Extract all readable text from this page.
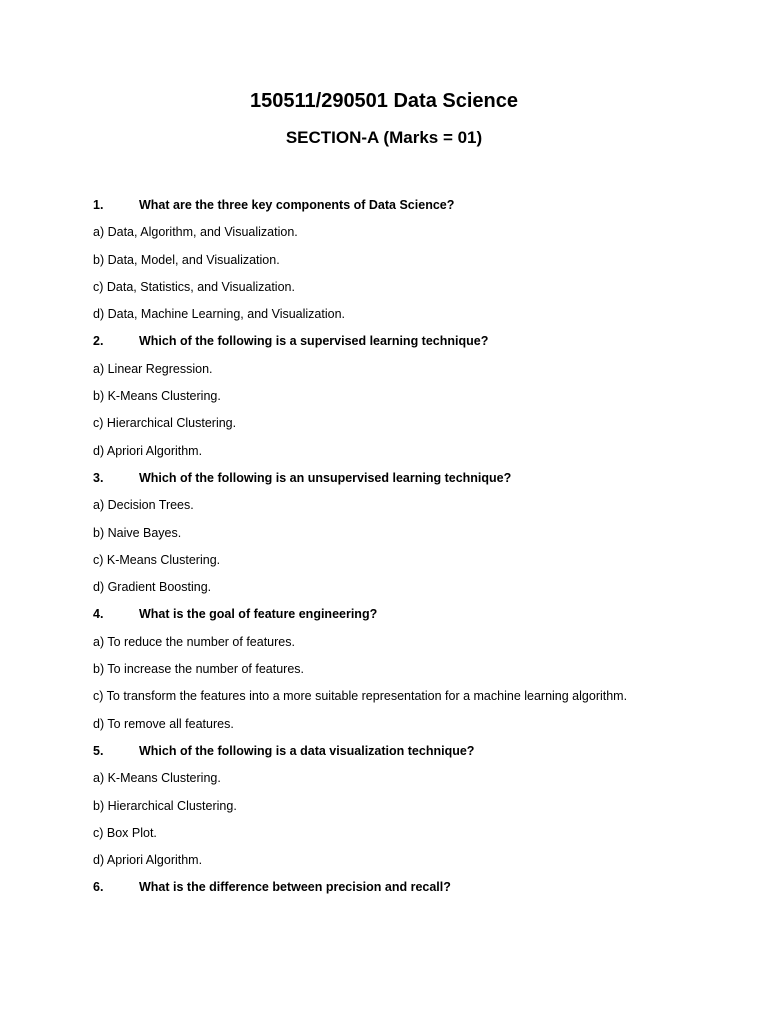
150511/290501 Data Science
SECTION-A (Marks = 01)
1.	What are the three key components of Data Science?
a) Data, Algorithm, and Visualization.
b) Data, Model, and Visualization.
c) Data, Statistics, and Visualization.
d) Data, Machine Learning, and Visualization.
2.	Which of the following is a supervised learning technique?
a) Linear Regression.
b) K-Means Clustering.
c) Hierarchical Clustering.
d) Apriori Algorithm.
3.	Which of the following is an unsupervised learning technique?
a) Decision Trees.
b) Naive Bayes.
c) K-Means Clustering.
d) Gradient Boosting.
4.	What is the goal of feature engineering?
a) To reduce the number of features.
b) To increase the number of features.
c) To transform the features into a more suitable representation for a machine learning algorithm.
d) To remove all features.
5.	Which of the following is a data visualization technique?
a) K-Means Clustering.
b) Hierarchical Clustering.
c) Box Plot.
d) Apriori Algorithm.
6.	What is the difference between precision and recall?
